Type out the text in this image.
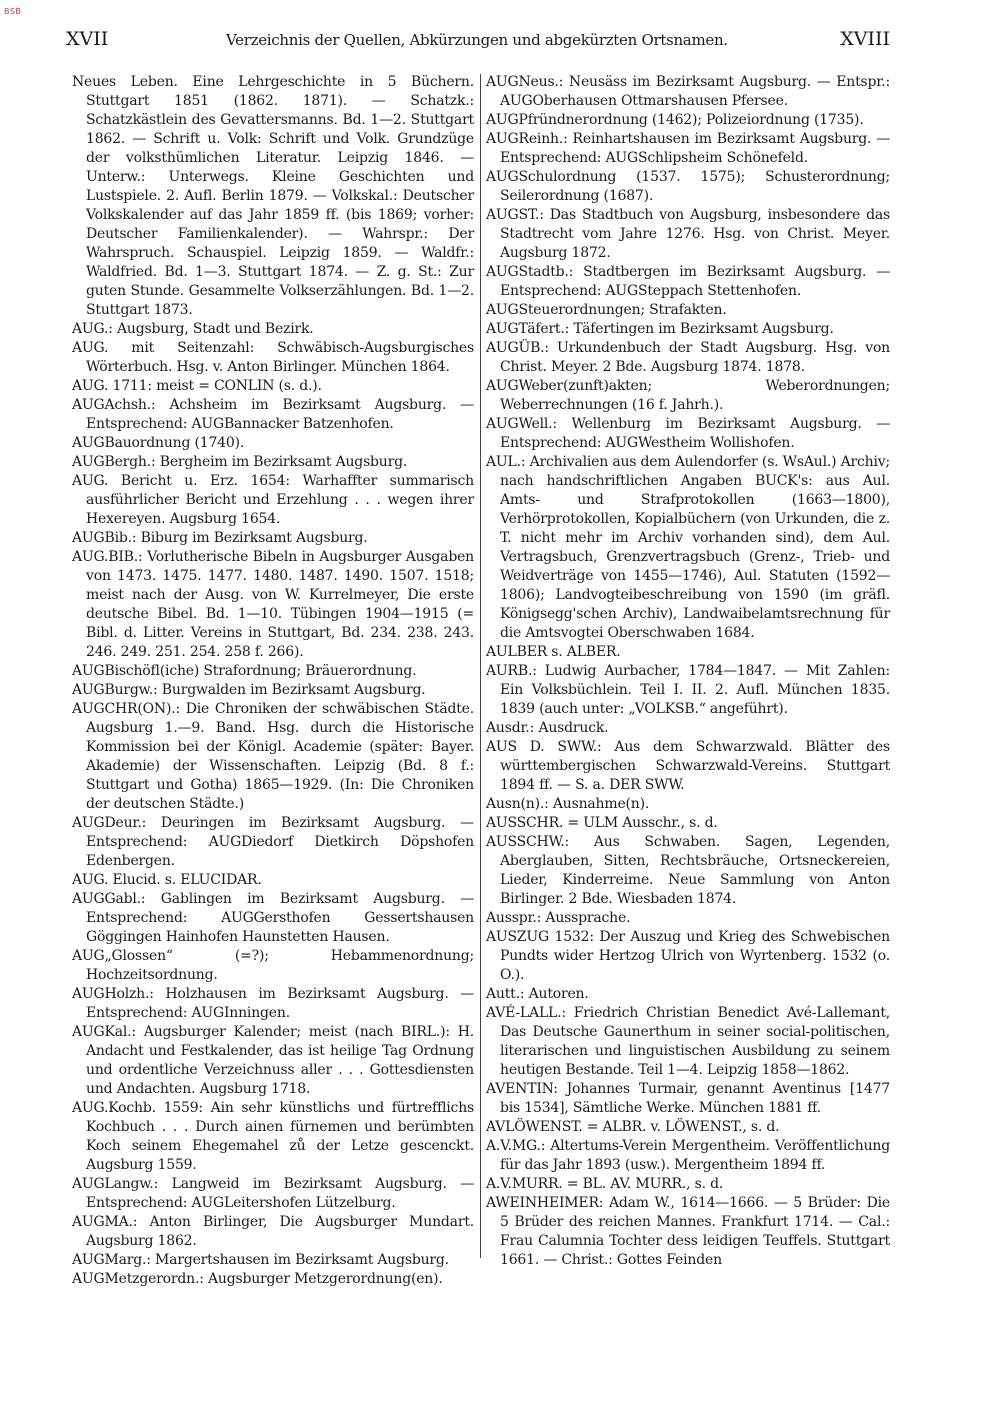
BSB
XVII	Verzeichnis der Quellen, Abkürzungen und abgekürzten Ortsnamen.	XVIII

Neues Leben. Eine Lehrgeschichte in 5 Büchern. Stuttgart 1851 (1862. 1871). — Schatzk.: Schatzkästlein des Gevattersmanns. Bd. 1—2. Stuttgart 1862. — Schrift u. Volk: Schrift und Volk. Grundzüge der volksthümlichen Literatur. Leipzig 1846. — Unterw.: Unterwegs. Kleine Geschichten und Lustspiele. 2. Aufl. Berlin 1879. — Volkskal.: Deutscher Volkskalender auf das Jahr 1859 ff. (bis 1869; vorher: Deutscher Familienkalender). — Wahrspr.: Der Wahrspruch. Schauspiel. Leipzig 1859. — Waldfr.: Waldfried. Bd. 1—3. Stuttgart 1874. — Z. g. St.: Zur guten Stunde. Gesammelte Volkserzählungen. Bd. 1—2. Stuttgart 1873.

AUG.: Augsburg, Stadt und Bezirk.

AUG. mit Seitenzahl: Schwäbisch-Augsburgisches Wörterbuch. Hsg. v. Anton Birlinger. München 1864.

AUG. 1711: meist = CONLIN (s. d.).

AUGAchsh.: Achsheim im Bezirksamt Augsburg. — Entsprechend: AUGBannacker Batzenhofen.

AUGBauordnung (1740).

AUGBergh.: Bergheim im Bezirksamt Augsburg.

AUG. Bericht u. Erz. 1654: Warhaffter summarisch ausführlicher Bericht und Erzehlung . . . wegen ihrer Hexereyen. Augsburg 1654.

AUGBib.: Biburg im Bezirksamt Augsburg.

AUG.BIB.: Vorlutherische Bibeln in Augsburger Ausgaben von 1473. 1475. 1477. 1480. 1487. 1490. 1507. 1518; meist nach der Ausg. von W. Kurrelmeyer, Die erste deutsche Bibel. Bd. 1—10. Tübingen 1904—1915 (= Bibl. d. Litter. Vereins in Stuttgart, Bd. 234. 238. 243. 246. 249. 251. 254. 258 f. 266).

AUGBischöfl(iche) Strafordnung; Bräuerordnung.

AUGBurgw.: Burgwalden im Bezirksamt Augsburg.

AUGCHR(ON).: Die Chroniken der schwäbischen Städte. Augsburg 1.—9. Band. Hsg. durch die Historische Kommission bei der Königl. Academie (später: Bayer. Akademie) der Wissenschaften. Leipzig (Bd. 8 f.: Stuttgart und Gotha) 1865—1929. (In: Die Chroniken der deutschen Städte.)

AUGDeur.: Deuringen im Bezirksamt Augsburg. — Entsprechend: AUGDiedorf Dietkirch Döpshofen Edenbergen.

AUG. Elucid. s. ELUCIDAR.

AUGGabl.: Gablingen im Bezirksamt Augsburg. — Entsprechend: AUGGersthofen Gessertshausen Göggingen Hainhofen Haunstetten Hausen.

AUG„Glossen“ (=?); Hebammenordnung; Hochzeitsordnung.

AUGHolzh.: Holzhausen im Bezirksamt Augsburg. — Entsprechend: AUGInningen.

AUGKal.: Augsburger Kalender; meist (nach BIRL.): H. Andacht und Festkalender, das ist heilige Tag Ordnung und ordentliche Verzeichnuss aller . . . Gottesdiensten und Andachten. Augsburg 1718.

AUG.Kochb. 1559: Ain sehr künstlichs und fürtrefflichs Kochbuch . . . Durch ainen fürnemen und berümbten Koch seinem Ehegemahel zů der Letze gescenckt. Augsburg 1559.

AUGLangw.: Langweid im Bezirksamt Augsburg. — Entsprechend: AUGLeitershofen Lützelburg.

AUGMA.: Anton Birlinger, Die Augsburger Mundart. Augsburg 1862.

AUGMarg.: Margertshausen im Bezirksamt Augsburg.

AUGMetzgerordn.: Augsburger Metzgerordnung(en).

AUGNeus.: Neusäss im Bezirksamt Augsburg. — Entspr.: AUGOberhausen Ottmarshausen Pfersee.

AUGPfründnerordnung (1462); Polizeiordnung (1735).

AUGReinh.: Reinhartshausen im Bezirksamt Augsburg. — Entsprechend: AUGSchlipsheim Schönefeld.

AUGSchulordnung (1537. 1575); Schusterordnung; Seilerordnung (1687).

AUGST.: Das Stadtbuch von Augsburg, insbesondere das Stadtrecht vom Jahre 1276. Hsg. von Christ. Meyer. Augsburg 1872.

AUGStadtb.: Stadtbergen im Bezirksamt Augsburg. — Entsprechend: AUGSteppach Stettenhofen.

AUGSteuerordnungen; Strafakten.

AUGTäfert.: Täfertingen im Bezirksamt Augsburg.

AUGÜB.: Urkundenbuch der Stadt Augsburg. Hsg. von Christ. Meyer. 2 Bde. Augsburg 1874. 1878.

AUGWeber(zunft)akten; Weberordnungen; Weberrechnungen (16 f. Jahrh.).

AUGWell.: Wellenburg im Bezirksamt Augsburg. — Entsprechend: AUGWestheim Wollishofen.

AUL.: Archivalien aus dem Aulendorfer (s. WsAul.) Archiv; nach handschriftlichen Angaben BUCK's: aus Aul. Amts- und Strafprotokollen (1663—1800), Verhörprotokollen, Kopialbüchern (von Urkunden, die z. T. nicht mehr im Archiv vorhanden sind), dem Aul. Vertragsbuch, Grenzvertragsbuch (Grenz-, Trieb- und Weidverträge von 1455—1746), Aul. Statuten (1592—1806); Landvogteibeschreibung von 1590 (im gräfl. Königsegg'schen Archiv), Landwaibelamtsrechnung für die Amtsvogtei Oberschwaben 1684.

AULBER s. ALBER.

AURB.: Ludwig Aurbacher, 1784—1847. — Mit Zahlen: Ein Volksbüchlein. Teil I. II. 2. Aufl. München 1835. 1839 (auch unter: „VOLKSB.“ angeführt).

Ausdr.: Ausdruck.

AUS D. SWW.: Aus dem Schwarzwald. Blätter des württembergischen Schwarzwald-Vereins. Stuttgart 1894 ff. — S. a. DER SWW.

Ausn(n).: Ausnahme(n).

AUSSCHR. = ULM Ausschr., s. d.

AUSSCHW.: Aus Schwaben. Sagen, Legenden, Aberglauben, Sitten, Rechtsbräuche, Ortsneckereien, Lieder, Kinderreime. Neue Sammlung von Anton Birlinger. 2 Bde. Wiesbaden 1874.

Ausspr.: Aussprache.

AUSZUG 1532: Der Auszug und Krieg des Schwebischen Pundts wider Hertzog Ulrich von Wyrtenberg. 1532 (o. O.).

Autt.: Autoren.

AVÉ-LALL.: Friedrich Christian Benedict Avé-Lallemant, Das Deutsche Gaunerthum in seiner social-politischen, literarischen und linguistischen Ausbildung zu seinem heutigen Bestande. Teil 1—4. Leipzig 1858—1862.

AVENTIN: Johannes Turmair, genannt Aventinus [1477 bis 1534], Sämtliche Werke. München 1881 ff.

AVLÖWENST. = ALBR. v. LÖWENST., s. d.

A.V.MG.: Altertums-Verein Mergentheim. Veröffentlichung für das Jahr 1893 (usw.). Mergentheim 1894 ff.

A.V.MURR. = BL. AV. MURR., s. d.

AWEINHEIMER: Adam W., 1614—1666. — 5 Brüder: Die 5 Brüder des reichen Mannes. Frankfurt 1714. — Cal.: Frau Calumnia Tochter dess leidigen Teuffels. Stuttgart 1661. — Christ.: Gottes Feinden
